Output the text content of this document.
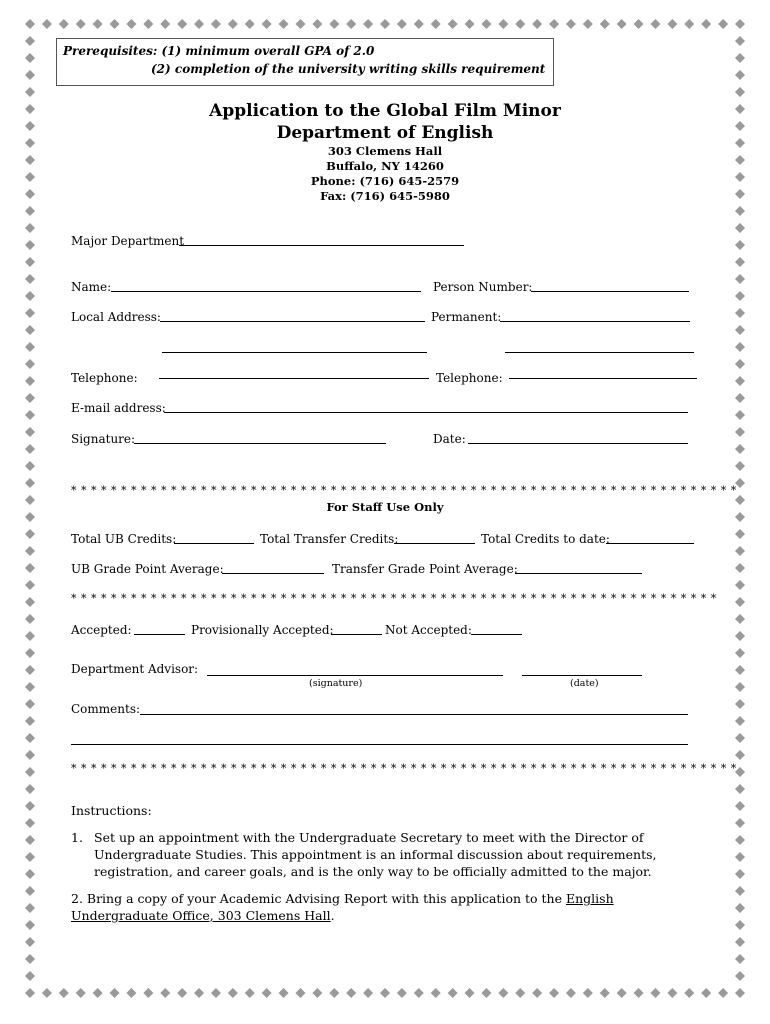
Prerequisites: (1) minimum overall GPA of 2.0
(2) completion of the university writing skills requirement
Application to the Global Film Minor
Department of English
303 Clemens Hall
Buffalo, NY 14260
Phone: (716) 645-2579
Fax: (716) 645-5980
Major Department
Name:	Person Number:
Local Address:	Permanent:
Telephone:	Telephone:
E-mail address:
Signature:	Date:
* * * * * * * * * * * * * * * * * * * * * * * * * * * * * * * * * * * * * * * * * * * * * * * * * * * * * * * * * * * * * * * * * * *
For Staff Use Only
Total UB Credits:	Total Transfer Credits:	Total Credits to date:
UB Grade Point Average:	Transfer Grade Point Average:
* * * * * * * * * * * * * * * * * * * * * * * * * * * * * * * * * * * * * * * * * * * * * * * * * * * * * * * * * * * * * * * * *
Accepted:	Provisionally Accepted:	Not Accepted:
Department Advisor:
(signature)	(date)
Comments:
* * * * * * * * * * * * * * * * * * * * * * * * * * * * * * * * * * * * * * * * * * * * * * * * * * * * * * * * * * * * * * * * * * *
Instructions:
1. Set up an appointment with the Undergraduate Secretary to meet with the Director of Undergraduate Studies. This appointment is an informal discussion about requirements, registration, and career goals, and is the only way to be officially admitted to the major.
2. Bring a copy of your Academic Advising Report with this application to the English Undergraduate Office, 303 Clemens Hall.
